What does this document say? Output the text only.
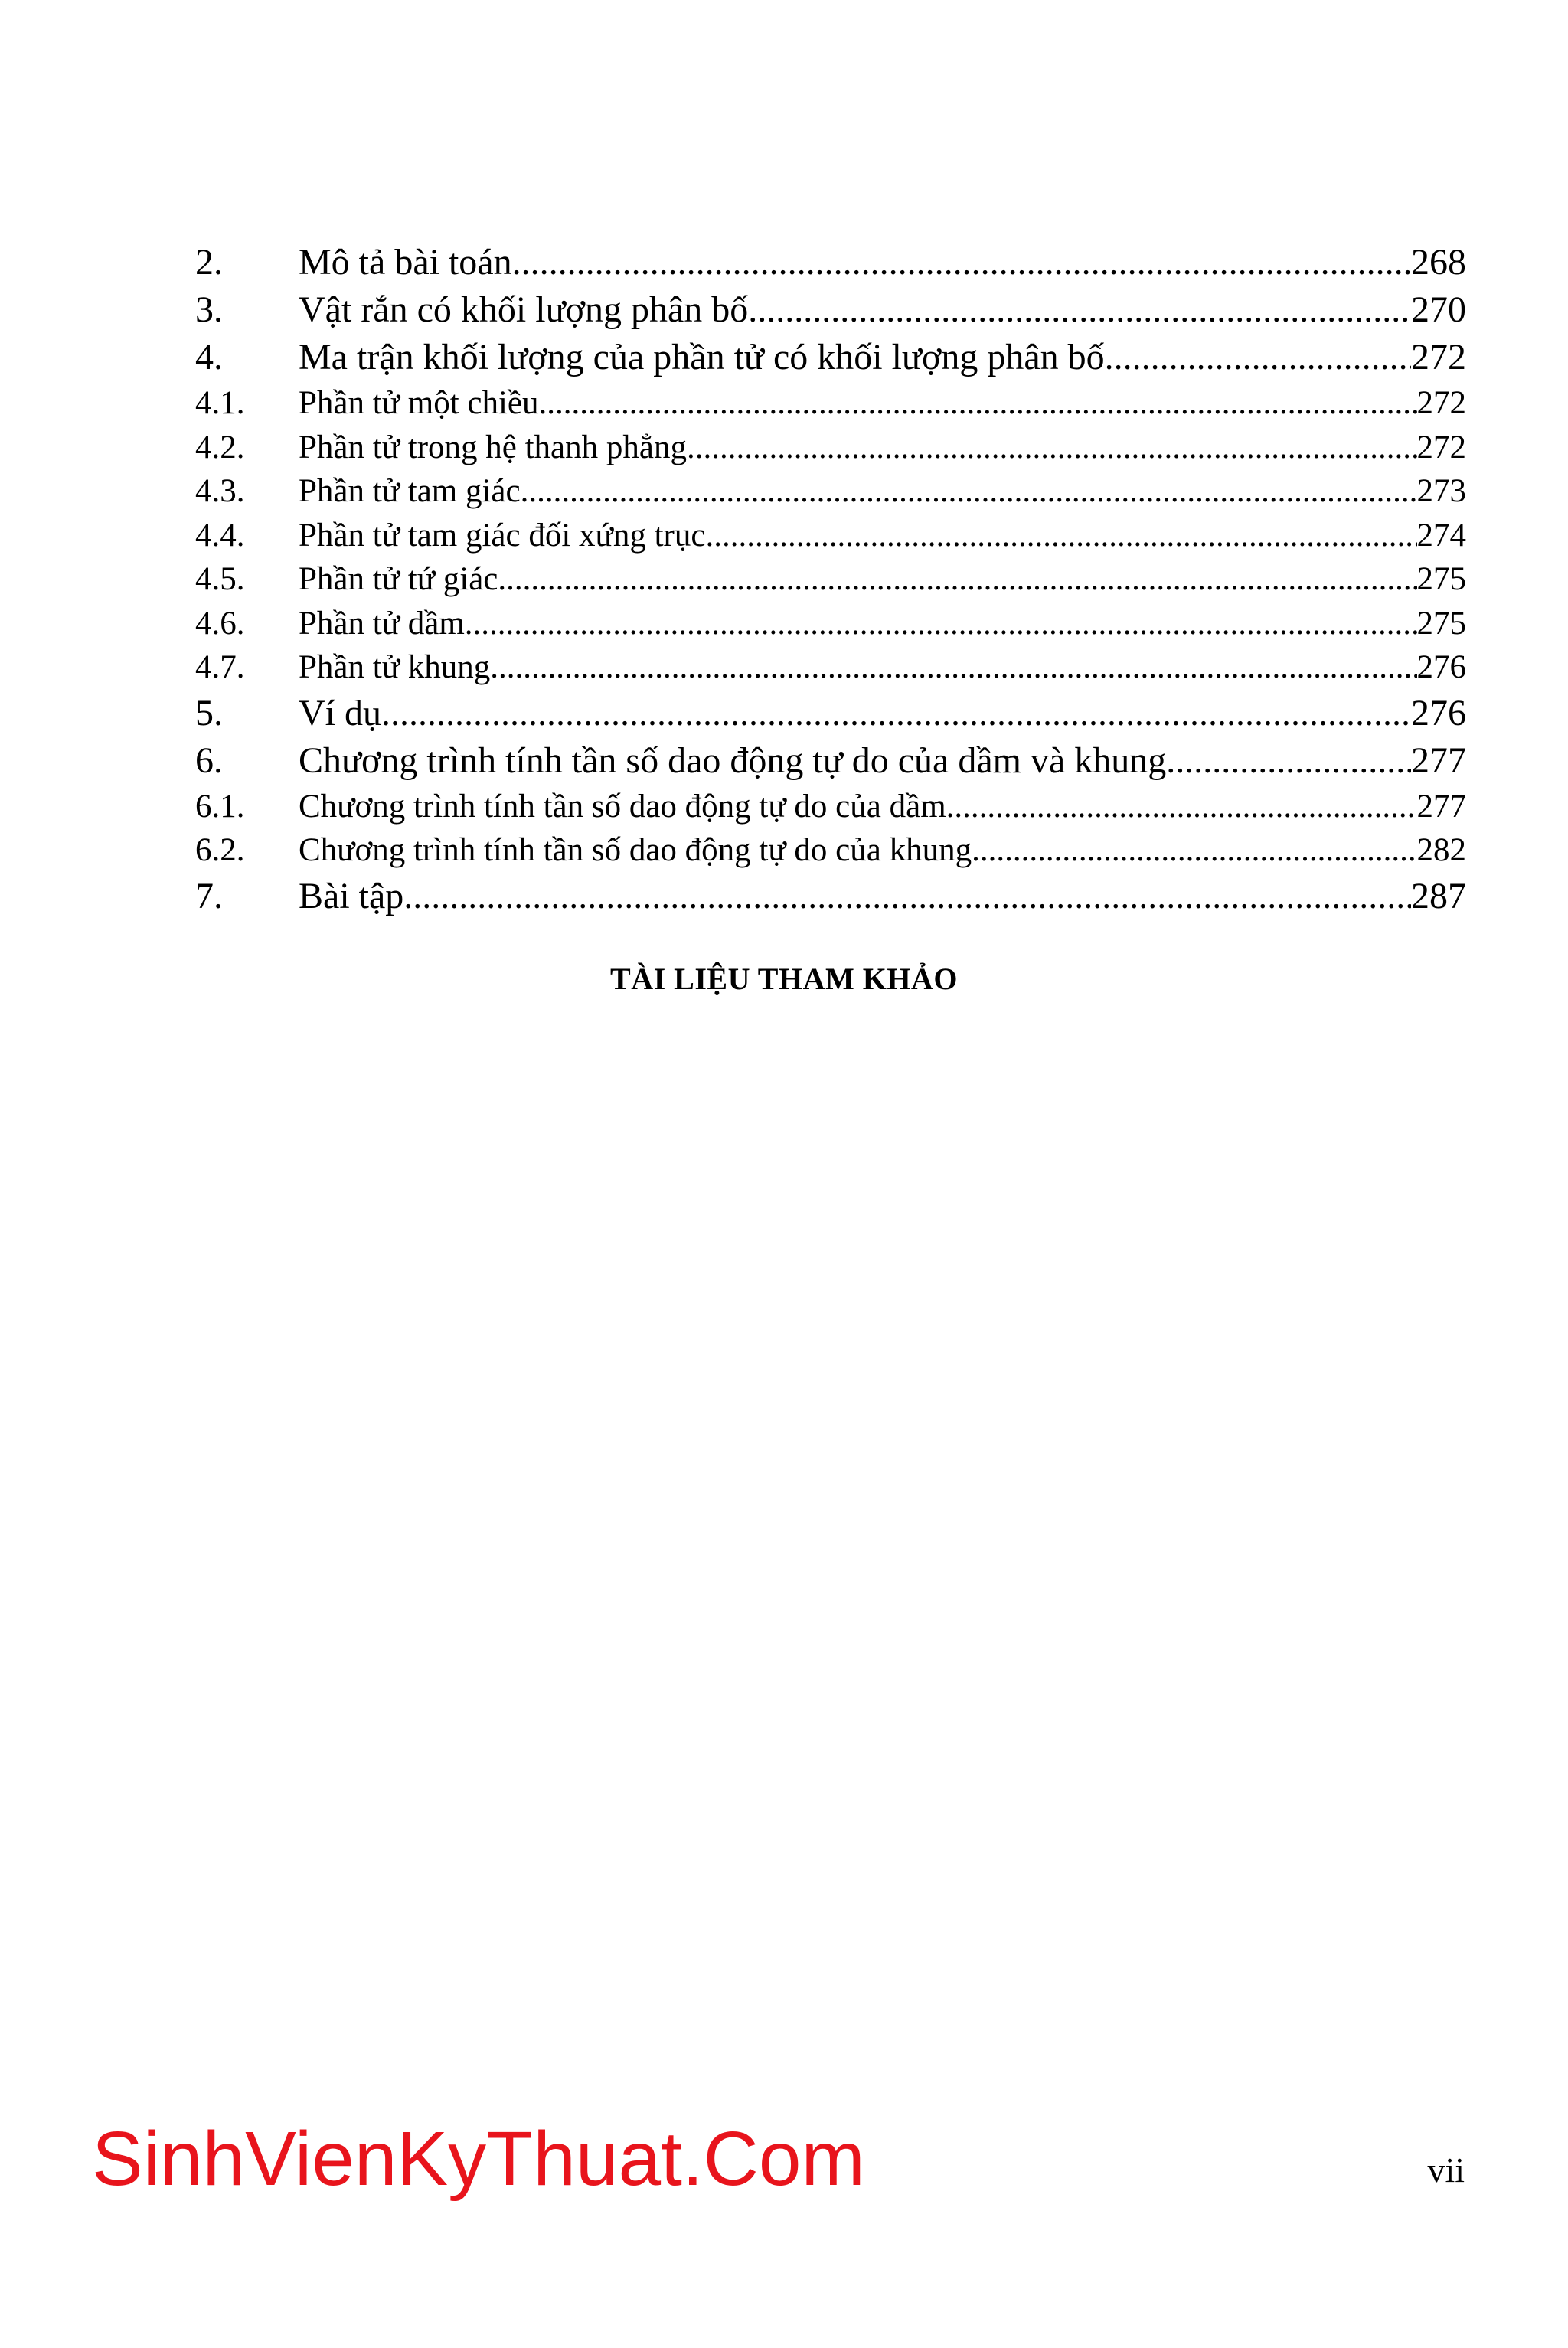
2.	Mô tả bài toán .....	268
3.	Vật rắn có khối lượng phân bố .....	270
4.	Ma trận khối lượng của phần tử có khối lượng phân bố .....	272
4.1.	Phần tử một chiều .....	272
4.2.	Phần tử trong hệ thanh phẳng .....	272
4.3.	Phần tử tam giác .....	273
4.4.	Phần tử tam giác đối xứng trục .....	274
4.5.	Phần tử tứ giác .....	275
4.6.	Phần tử dầm .....	275
4.7.	Phần tử khung .....	276
5.	Ví dụ .....	276
6.	Chương trình tính tần số dao động tự do của dầm và khung .....	277
6.1.	Chương trình tính tần số dao động tự do của dầm .....	277
6.2.	Chương trình tính tần số dao động tự do của khung .....	282
7.	Bài tập .....	287
TÀI LIỆU THAM KHẢO
SinhVienKyThuat.Com	vii
